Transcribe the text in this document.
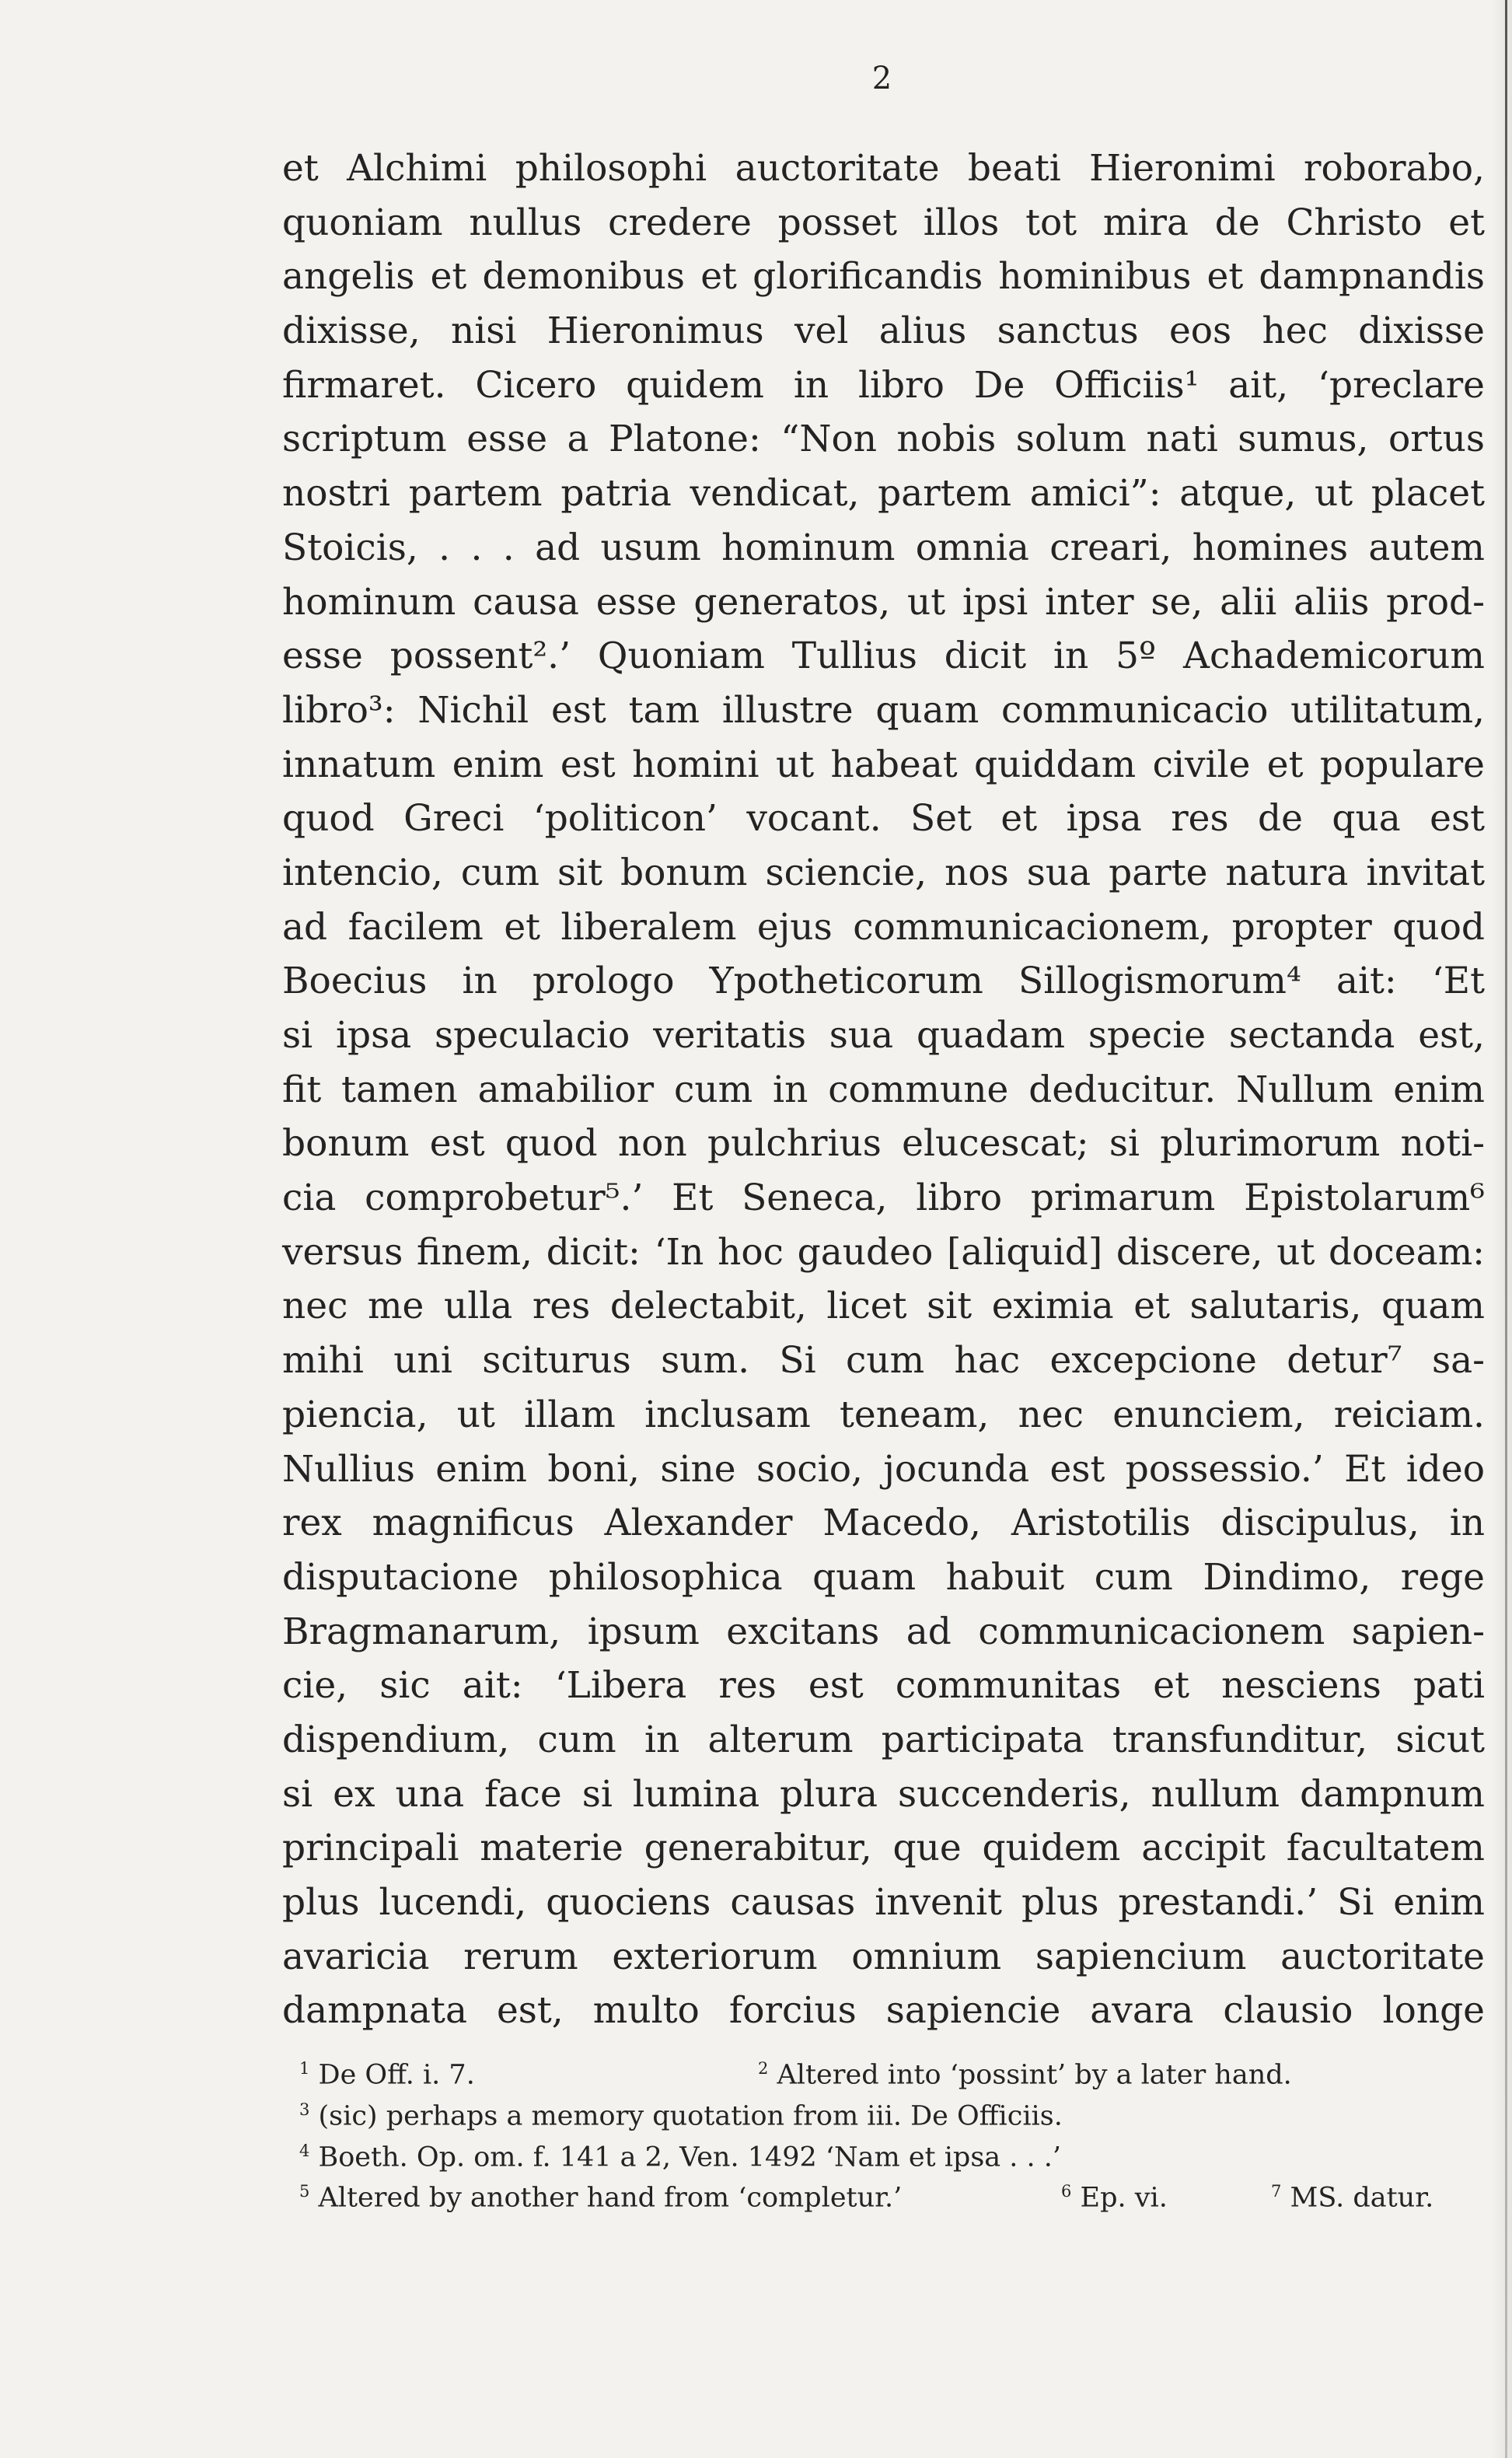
2
et Alchimi philosophi auctoritate beati Hieronimi roborabo,
quoniam nullus credere posset illos tot mira de Christo et
angelis et demonibus et glorificandis hominibus et dampnandis
dixisse, nisi Hieronimus vel alius sanctus eos hec dixisse
firmaret. Cicero quidem in libro De Officiis¹ ait, ‘preclare
scriptum esse a Platone: “Non nobis solum nati sumus, ortus
nostri partem patria vendicat, partem amici”: atque, ut placet
Stoicis, . . . ad usum hominum omnia creari, homines autem
hominum causa esse generatos, ut ipsi inter se, alii aliis prod-
esse possent².’ Quoniam Tullius dicit in 5º Achademicorum
libro³: Nichil est tam illustre quam communicacio utilitatum,
innatum enim est homini ut habeat quiddam civile et populare
quod Greci ‘politicon’ vocant. Set et ipsa res de qua est
intencio, cum sit bonum sciencie, nos sua parte natura invitat
ad facilem et liberalem ejus communicacionem, propter quod
Boecius in prologo Ypotheticorum Sillogismorum⁴ ait: ‘Et
si ipsa speculacio veritatis sua quadam specie sectanda est,
fit tamen amabilior cum in commune deducitur. Nullum enim
bonum est quod non pulchrius elucescat; si plurimorum noti-
cia comprobetur⁵.’ Et Seneca, libro primarum Epistolarum⁶
versus finem, dicit: ‘In hoc gaudeo [aliquid] discere, ut doceam:
nec me ulla res delectabit, licet sit eximia et salutaris, quam
mihi uni sciturus sum. Si cum hac excepcione detur⁷ sa-
piencia, ut illam inclusam teneam, nec enunciem, reiciam.
Nullius enim boni, sine socio, jocunda est possessio.’ Et ideo
rex magnificus Alexander Macedo, Aristotilis discipulus, in
disputacione philosophica quam habuit cum Dindimo, rege
Bragmanarum, ipsum excitans ad communicacionem sapien-
cie, sic ait: ‘Libera res est communitas et nesciens pati
dispendium, cum in alterum participata transfunditur, sicut
si ex una face si lumina plura succenderis, nullum dampnum
principali materie generabitur, que quidem accipit facultatem
plus lucendi, quociens causas invenit plus prestandi.’ Si enim
avaricia rerum exteriorum omnium sapiencium auctoritate
dampnata est, multo forcius sapiencie avara clausio longe
$^1$ De Off. i. 7.	$^2$ Altered into ‘possint’ by a later hand.
$^3$ (sic) perhaps a memory quotation from iii. De Officiis.
$^4$ Boeth. Op. om. f. 141 a 2, Ven. 1492 ‘Nam et ipsa . . .’
$^5$ Altered by another hand from ‘completur.’	$^6$ Ep. vi.	$^7$ MS. datur.
